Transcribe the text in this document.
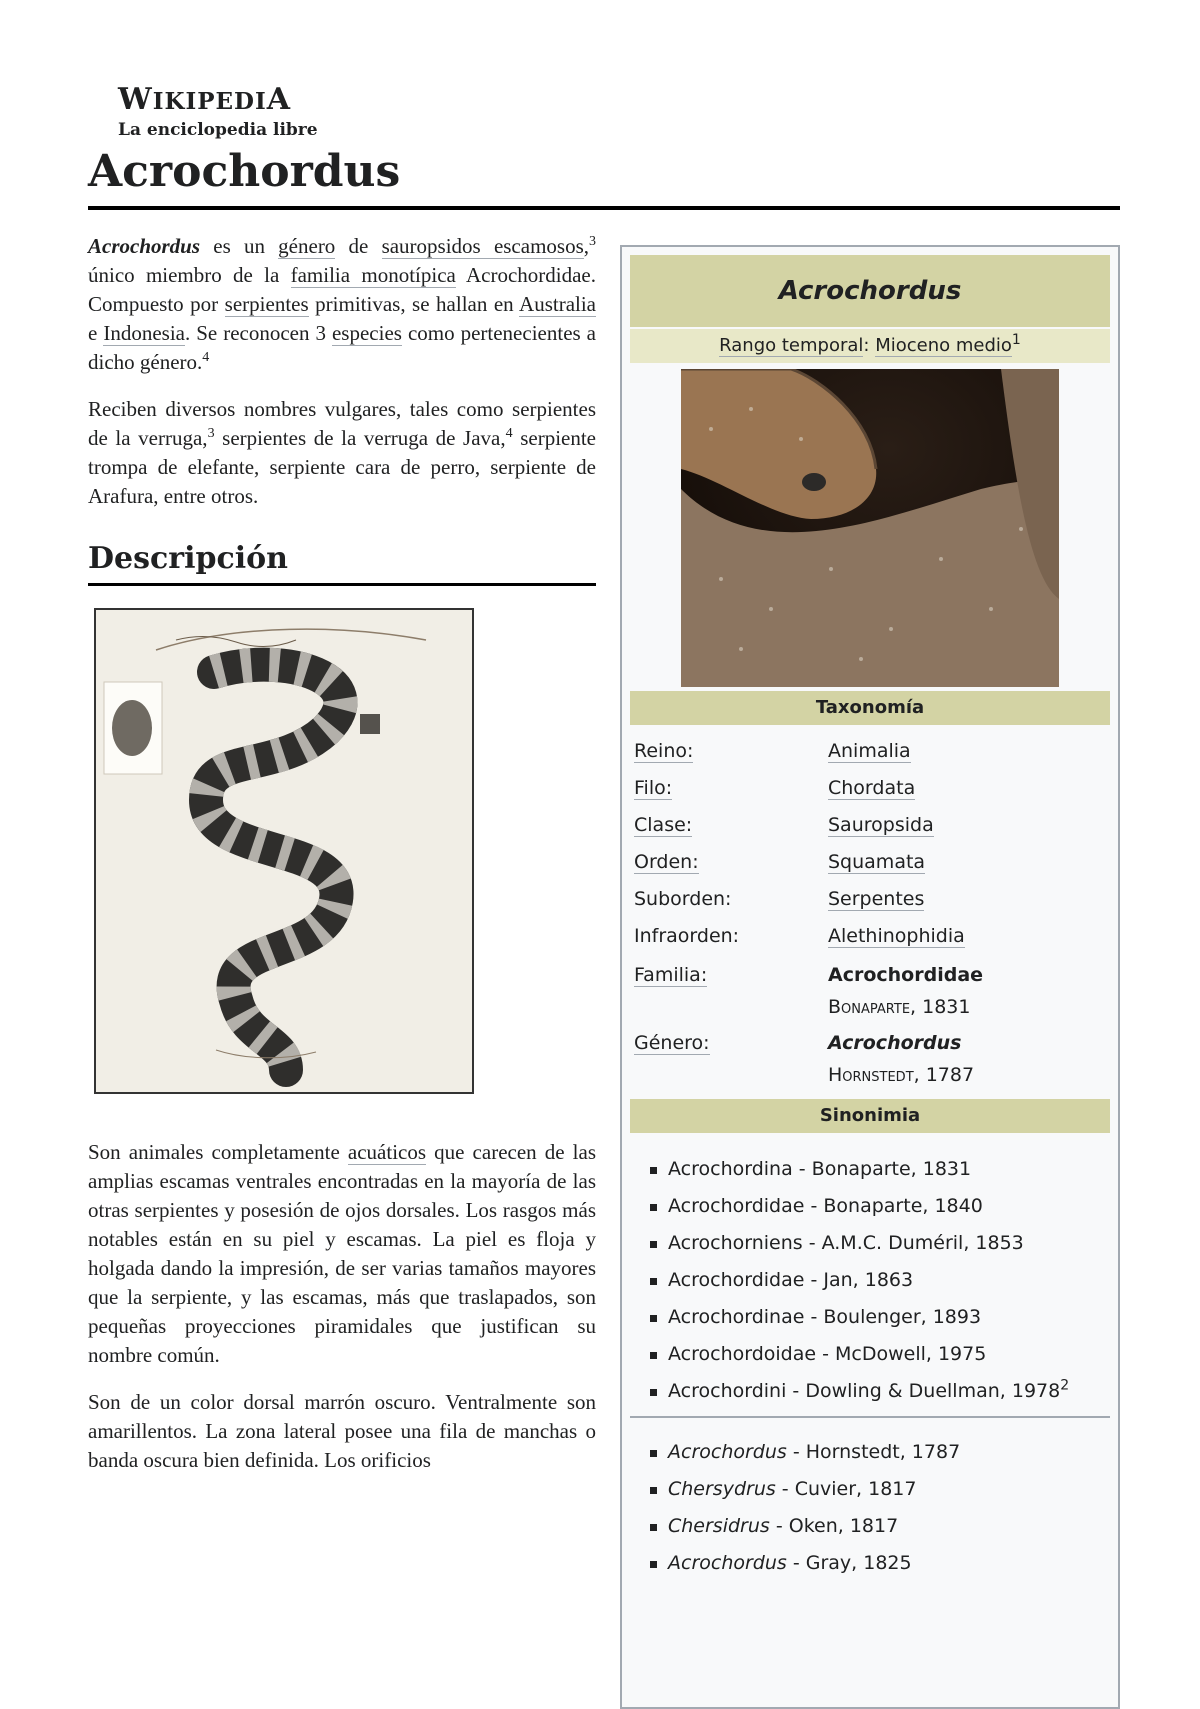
WIKIPEDIA
La enciclopedia libre
Acrochordus

Acrochordus es un género de sauropsidos escamosos,$^3$ único miembro de la familia monotípica Acrochordidae. Compuesto por serpientes primitivas, se hallan en Australia e Indonesia. Se reconocen 3 especies como pertenecientes a dicho género.$^4$

Reciben diversos nombres vulgares, tales como serpientes de la verruga,$^3$ serpientes de la verruga de Java,$^4$ serpiente trompa de elefante, serpiente cara de perro, serpiente de Arafura, entre otros.

Descripción

Son animales completamente acuáticos que carecen de las amplias escamas ventrales encontradas en la mayoría de las otras serpientes y posesión de ojos dorsales. Los rasgos más notables están en su piel y escamas. La piel es floja y holgada dando la impresión, de ser varias tamaños mayores que la serpiente, y las escamas, más que traslapados, son pequeñas proyecciones piramidales que justifican su nombre común.

Son de un color dorsal marrón oscuro. Ventralmente son amarillentos. La zona lateral posee una fila de manchas o banda oscura bien definida. Los orificios

Acrochordus
Rango temporal: Mioceno medio$^1$
Taxonomía
Reino:	Animalia
Filo:	Chordata
Clase:	Sauropsida
Orden:	Squamata
Suborden:	Serpentes
Infraorden:	Alethinophidia
Familia:	Acrochordidae
Bonaparte, 1831
Género:	Acrochordus
Hornstedt, 1787
Sinonimia
Acrochordina - Bonaparte, 1831
Acrochordidae - Bonaparte, 1840
Acrochorniens - A.M.C. Duméril, 1853
Acrochordidae - Jan, 1863
Acrochordinae - Boulenger, 1893
Acrochordoidae - McDowell, 1975
Acrochordini - Dowling & Duellman, 1978$^2$
Acrochordus - Hornstedt, 1787
Chersydrus - Cuvier, 1817
Chersidrus - Oken, 1817
Acrochordus - Gray, 1825
